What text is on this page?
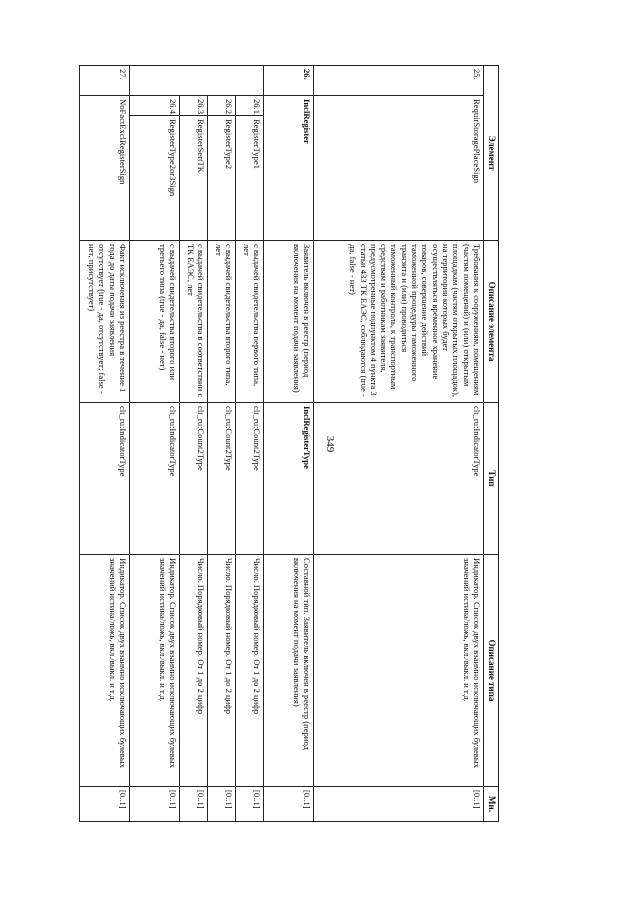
349
Элемент			Описание элемента	Тип	Описание типа	Мн.
25.	RequirStoragePlaceSign		Требования к сооружениям, помещениям (частям помещений) и (или) открытым площадкам (частям открытых площадок), на территории которых будет осуществляться временное хранение товаров, совершение действий таможенной процедуры таможенного транзита и (или) проводиться таможенный контроль, к транспортным средствам и работникам заявителя, предусмотренные подпунктом 4 пункта 3 статьи 433 ТК ЕАЭС, соблюдаются (true - да, false - нет)	clt_ru:IndicatorType	Индикатор. Список двух взаимно исключающих булевых значений истина/ложь, вкл./выкл. и т.д.	[0..1]
26.	InclRegister		Заявитель включен в реестр (период включения на момент подачи заявления)	InclRegisterType	Составной тип. Заявитель включен в реестр (период включения на момент подачи заявления)	[0..1]
	26.1.	RegisterType1	с выдачей свидетельства первого типа, лет	clt_ru:Count2Type	Число. Порядковый номер. От 1 до 2 цифр	[0..1]
	26.2.	RegisterType2	с выдачей свидетельства второго типа, лет	clt_ru:Count2Type	Число. Порядковый номер. От 1 до 2 цифр	[0..1]
	26.3.	RegisterSertTK	с выдачей свидетельства в соответствии с ТК ЕАЭС, лет	clt_ru:Count2Type	Число. Порядковый номер. От 1 до 2 цифр	[0..1]
	26.4.	RegisterType2or3Sign	с выдачей свидетельства второго или третьего типа (true - да, false - нет)	clt_ru:IndicatorType	Индикатор. Список двух взаимно исключающих булевых значений истина/ложь, вкл./выкл. и т.д.	[0..1]
27.	NoFactExclRegisterSign		Факт исключения из реестра в течение 1 года до даты подачи заявления отсутствует (true - да, отсутствует; false - нет, присутствует)	clt_ru:IndicatorType	Индикатор. Список двух взаимно исключающих булевых значений истина/ложь, вкл./выкл. и т.д.	[0..1]
